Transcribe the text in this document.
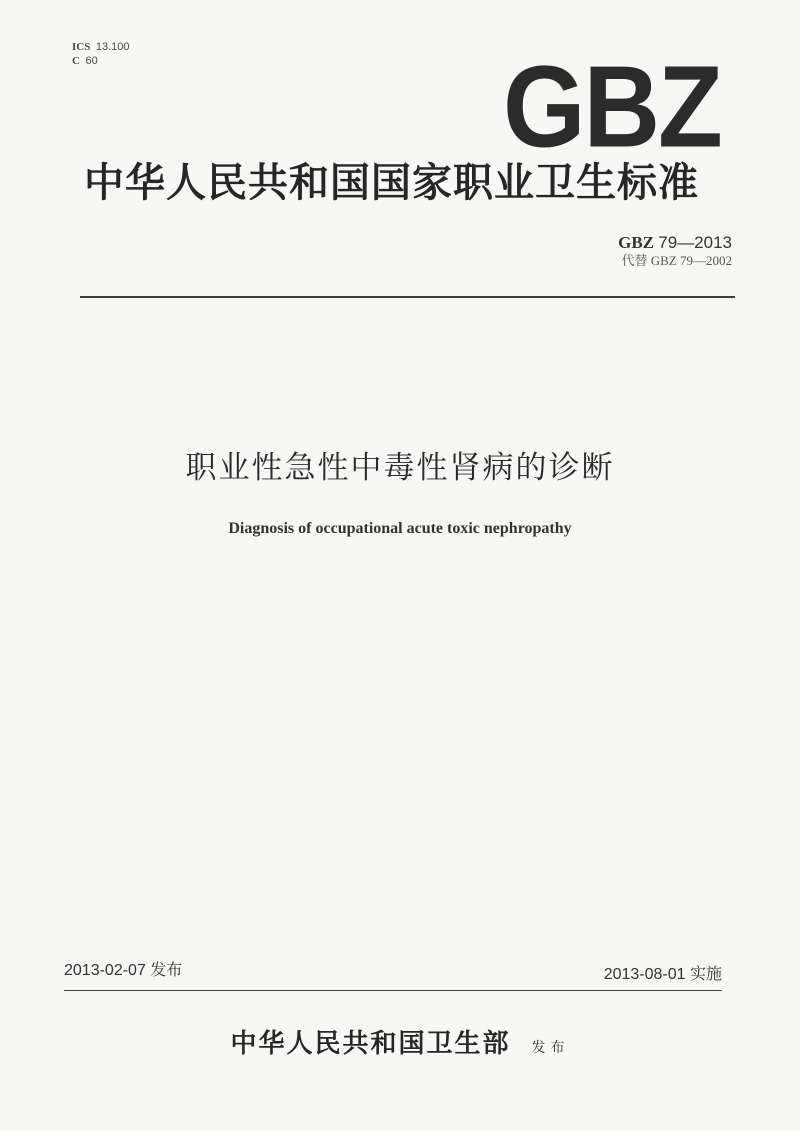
ICS 13.100
C 60	GBZ
中华人民共和国国家职业卫生标准
GBZ 79—2013
代替 GBZ 79—2002
职业性急性中毒性肾病的诊断
Diagnosis of occupational acute toxic nephropathy
2013-02-07 发布	2013-08-01 实施
中华人民共和国卫生部 发布
